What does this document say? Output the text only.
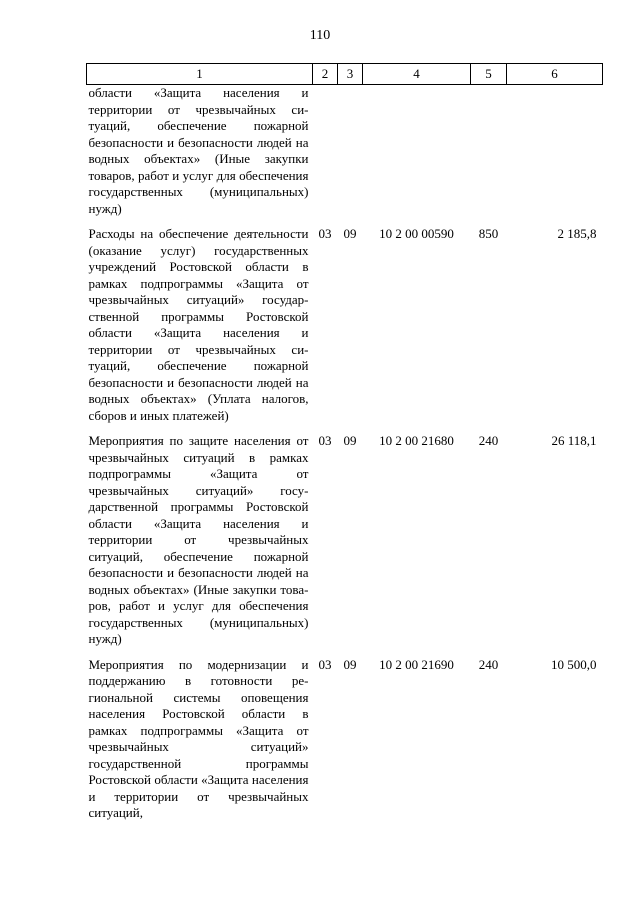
110
1	2	3	4	5	6
области «Защита населения и территории от чрезвычайных ситуаций, обеспечение пожарной безопасности и безопасности людей на водных объектах» (Иные закупки товаров, работ и услуг для обеспечения государственных (муниципальных) нужд)					
Расходы на обеспечение деятельности (оказание услуг) государственных учреждений Ростовской области в рамках подпрограммы «Защита от чрезвычайных ситуаций» государственной программы Ростовской области «Защита населения и территории от чрезвычайных ситуаций, обеспечение пожарной безопасности и безопасности людей на водных объектах» (Уплата налогов, сборов и иных платежей)	03	09	10 2 00 00590	850	2 185,8
Мероприятия по защите населения от чрезвычайных ситуаций в рамках подпрограммы «Защита от чрезвычайных ситуаций» государственной программы Ростовской области «Защита населения и территории от чрезвычайных ситуаций, обеспечение пожарной безопасности и безопасности людей на водных объектах» (Иные закупки товаров, работ и услуг для обеспечения государственных (муниципальных) нужд)	03	09	10 2 00 21680	240	26 118,1
Мероприятия по модернизации и поддержанию в готовности региональной системы оповещения населения Ростовской области в рамках подпрограммы «Защита от чрезвычайных ситуаций» государственной программы Ростовской области «Защита населения и территории от чрезвычайных ситуаций,	03	09	10 2 00 21690	240	10 500,0
